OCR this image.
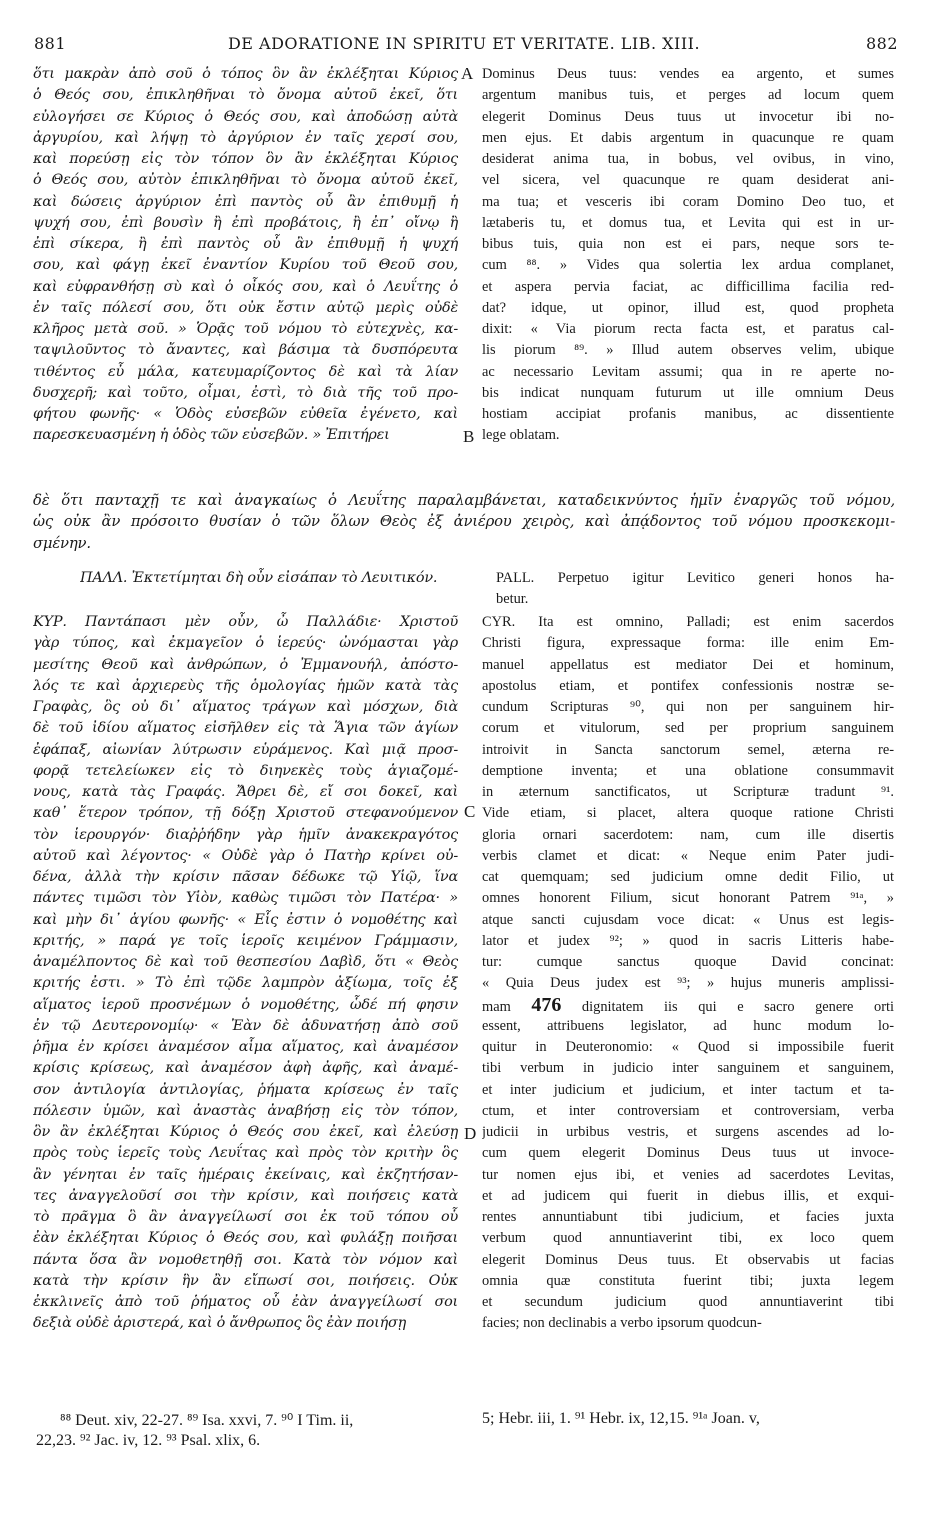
881	DE ADORATIONE IN SPIRITU ET VERITATE. LIB. XIII.	882
ὅτι μακρὰν ἀπὸ σοῦ ὁ τόπος ὃν ἂν ἐκλέξηται Κύριος
ὁ Θεός σου, ἐπικληθῆναι τὸ ὄνομα αὐτοῦ ἐκεῖ, ὅτι
εὐλογήσει σε Κύριος ὁ Θεός σου, καὶ ἀποδώσῃ αὐτὰ
ἀργυρίου, καὶ λήψῃ τὸ ἀργύριον ἐν ταῖς χερσί σου,
καὶ πορεύσῃ εἰς τὸν τόπον ὃν ἂν ἐκλέξηται Κύριος
ὁ Θεός σου, αὐτὸν ἐπικληθῆναι τὸ ὄνομα αὐτοῦ ἐκεῖ,
καὶ δώσεις ἀργύριον ἐπὶ παντὸς οὗ ἂν ἐπιθυμῇ ἡ
ψυχή σου, ἐπὶ βουσὶν ἢ ἐπὶ προβάτοις, ἢ ἐπ᾽ οἴνῳ ἢ
ἐπὶ σίκερα, ἢ ἐπὶ παντὸς οὗ ἂν ἐπιθυμῇ ἡ ψυχή
σου, καὶ φάγῃ ἐκεῖ ἐναντίον Κυρίου τοῦ Θεοῦ σου,
καὶ εὐφρανθήσῃ σὺ καὶ ὁ οἶκός σου, καὶ ὁ Λευΐτης ὁ
ἐν ταῖς πόλεσί σου, ὅτι οὐκ ἔστιν αὐτῷ μερὶς οὐδὲ
κλῆρος μετὰ σοῦ. » Ὁρᾷς τοῦ νόμου τὸ εὐτεχνὲς, κα-
ταψιλοῦντος τὸ ἄναντες, καὶ βάσιμα τὰ δυσπόρευτα
τιθέντος εὖ μάλα, κατευμαρίζοντος δὲ καὶ τὰ λίαν
δυσχερῆ; καὶ τοῦτο, οἶμαι, ἐστὶ, τὸ διὰ τῆς τοῦ προ-
φήτου φωνῆς· « Ὁδὸς εὐσεβῶν εὐθεῖα ἐγένετο, καὶ
παρεσκευασμένη ἡ ὁδὸς τῶν εὐσεβῶν. » Ἐπιτήρει
Dominus Deus tuus: vendes ea argento, et sumes
argentum manibus tuis, et perges ad locum quem
elegerit Dominus Deus tuus ut invocetur ibi no-
men ejus. Et dabis argentum in quacunque re quam
desiderat anima tua, in bobus, vel ovibus, in vino,
vel sicera, vel quacunque re quam desiderat ani-
ma tua; et vesceris ibi coram Domino Deo tuo, et
lætaberis tu, et domus tua, et Levita qui est in ur-
bibus tuis, quia non est ei pars, neque sors te-
cum ⁸⁸. » Vides qua solertia lex ardua complanet,
et aspera pervia faciat, ac difficillima facilia red-
dat? idque, ut opinor, illud est, quod propheta
dixit: « Via piorum recta facta est, et paratus cal-
lis piorum ⁸⁹. » Illud autem observes velim, ubique
ac necessario Levitam assumi; qua in re aperte no-
bis indicat nunquam futurum ut ille omnium Deus
hostiam accipiat profanis manibus, ac dissentiente
lege oblatam.
δὲ ὅτι πανταχῇ τε καὶ ἀναγκαίως ὁ Λευΐτης παραλαμβάνεται, καταδεικνύντος ἡμῖν ἐναργῶς τοῦ νόμου,
ὡς οὐκ ἂν πρόσοιτο θυσίαν ὁ τῶν ὅλων Θεὸς ἐξ ἀνιέρου χειρὸς, καὶ ἀπᾴδοντος τοῦ νόμου προσκεκομι-
σμένην.
ΠΑΛΛ. Ἐκτετίμηται δὴ οὖν εἰσάπαν τὸ Λευιτικόν.	PALL. Perpetuo igitur Levitico generi honos ha-
betur.
ΚΥΡ. Παντάπασι μὲν οὖν, ὦ Παλλάδιε· Χριστοῦ
γὰρ τύπος, καὶ ἐκμαγεῖον ὁ ἱερεύς· ὠνόμασται γὰρ
μεσίτης Θεοῦ καὶ ἀνθρώπων, ὁ Ἐμμανουήλ, ἀπόστο-
λός τε καὶ ἀρχιερεὺς τῆς ὁμολογίας ἡμῶν κατὰ τὰς
Γραφὰς, ὃς οὐ δι᾽ αἵματος τράγων καὶ μόσχων, διὰ
δὲ τοῦ ἰδίου αἵματος εἰσῆλθεν εἰς τὰ Ἅγια τῶν ἁγίων
ἐφάπαξ, αἰωνίαν λύτρωσιν εὑράμενος. Καὶ μιᾷ προσ-
φορᾷ τετελείωκεν εἰς τὸ διηνεκὲς τοὺς ἁγιαζομέ-
νους, κατὰ τὰς Γραφάς. Ἄθρει δὲ, εἴ σοι δοκεῖ, καὶ
καθ᾽ ἕτερον τρόπον, τῇ δόξῃ Χριστοῦ στεφανούμενον
τὸν ἱερουργόν· διαῤῥήδην γὰρ ἡμῖν ἀνακεκραγότος
αὐτοῦ καὶ λέγοντος· « Οὐδὲ γὰρ ὁ Πατὴρ κρίνει οὐ-
δένα, ἀλλὰ τὴν κρίσιν πᾶσαν δέδωκε τῷ Υἱῷ, ἵνα
πάντες τιμῶσι τὸν Υἱὸν, καθὼς τιμῶσι τὸν Πατέρα· »
καὶ μὴν δι᾽ ἁγίου φωνῆς· « Εἷς ἐστιν ὁ νομοθέτης καὶ
κριτής, » παρά γε τοῖς ἱεροῖς κειμένον Γράμμασιν,
ἀναμέλποντος δὲ καὶ τοῦ θεσπεσίου Δαβὶδ, ὅτι « Θεὸς
κριτής ἐστι. » Τὸ ἐπὶ τῷδε λαμπρὸν ἀξίωμα, τοῖς ἐξ
αἵματος ἱεροῦ προσνέμων ὁ νομοθέτης, ὧδέ πή φησιν
ἐν τῷ Δευτερονομίῳ· « Ἐὰν δὲ ἀδυνατήσῃ ἀπὸ σοῦ
ῥῆμα ἐν κρίσει ἀναμέσον αἷμα αἵματος, καὶ ἀναμέσον
κρίσις κρίσεως, καὶ ἀναμέσον ἀφὴ ἀφῆς, καὶ ἀναμέ-
σον ἀντιλογία ἀντιλογίας, ῥήματα κρίσεως ἐν ταῖς
πόλεσιν ὑμῶν, καὶ ἀναστὰς ἀναβήσῃ εἰς τὸν τόπον,
ὃν ἂν ἐκλέξηται Κύριος ὁ Θεός σου ἐκεῖ, καὶ ἐλεύσῃ
πρὸς τοὺς ἱερεῖς τοὺς Λευΐτας καὶ πρὸς τὸν κριτὴν ὃς
ἂν γένηται ἐν ταῖς ἡμέραις ἐκείναις, καὶ ἐκζητήσαν-
τες ἀναγγελοῦσί σοι τὴν κρίσιν, καὶ ποιήσεις κατὰ
τὸ πρᾶγμα ὃ ἂν ἀναγγείλωσί σοι ἐκ τοῦ τόπου οὗ
ἐὰν ἐκλέξηται Κύριος ὁ Θεός σου, καὶ φυλάξῃ ποιῆσαι
πάντα ὅσα ἂν νομοθετηθῇ σοι. Κατὰ τὸν νόμον καὶ
κατὰ τὴν κρίσιν ἣν ἂν εἴπωσί σοι, ποιήσεις. Οὐκ
ἐκκλινεῖς ἀπὸ τοῦ ῥήματος οὗ ἐὰν ἀναγγείλωσί σοι
δεξιὰ οὐδὲ ἀριστερά, καὶ ὁ ἄνθρωπος ὃς ἐὰν ποιήσῃ
CYR. Ita est omnino, Palladi; est enim sacerdos
Christi figura, expressaque forma: ille enim Em-
manuel appellatus est mediator Dei et hominum,
apostolus etiam, et pontifex confessionis nostræ se-
cundum Scripturas ⁹⁰, qui non per sanguinem hir-
corum et vitulorum, sed per proprium sanguinem
introivit in Sancta sanctorum semel, æterna re-
demptione inventa; et una oblatione consummavit
in æternum sanctificatos, ut Scripturæ tradunt ⁹¹.
Vide etiam, si placet, altera quoque ratione Christi
gloria ornari sacerdotem: nam, cum ille disertis
verbis clamet et dicat: « Neque enim Pater judi-
cat quemquam; sed judicium omne dedit Filio, ut
omnes honorent Filium, sicut honorant Patrem ⁹¹ᵃ, »
atque sancti cujusdam voce dicat: « Unus est legis-
lator et judex ⁹²; » quod in sacris Litteris habe-
tur: cumque sanctus quoque David concinat:
« Quia Deus judex est ⁹³; » hujus muneris amplissi-
mam 476 dignitatem iis qui e sacro genere orti
essent, attribuens legislator, ad hunc modum lo-
quitur in Deuteronomio: « Quod si impossibile fuerit
tibi verbum in judicio inter sanguinem et sanguinem,
et inter judicium et judicium, et inter tactum et ta-
ctum, et inter controversiam et controversiam, verba
judicii in urbibus vestris, et surgens ascendes ad lo-
cum quem elegerit Dominus Deus tuus ut invoce-
tur nomen ejus ibi, et venies ad sacerdotes Levitas,
et ad judicem qui fuerit in diebus illis, et exqui-
rentes annuntiabunt tibi judicium, et facies juxta
verbum quod annuntiaverint tibi, ex loco quem
elegerit Dominus Deus tuus. Et observabis ut facias
omnia quæ constituta fuerint tibi; juxta legem
et secundum judicium quod annuntiaverint tibi
facies; non declinabis a verbo ipsorum quodcun-
A
B
C
D
⁸⁸ Deut. xiv, 22-27. ⁸⁹ Isa. xxvi, 7. ⁹⁰ I Tim. ii,
22,23. ⁹² Jac. iv, 12. ⁹³ Psal. xlix, 6.
5; Hebr. iii, 1. ⁹¹ Hebr. ix, 12,15. ⁹¹ᵃ Joan. v,
